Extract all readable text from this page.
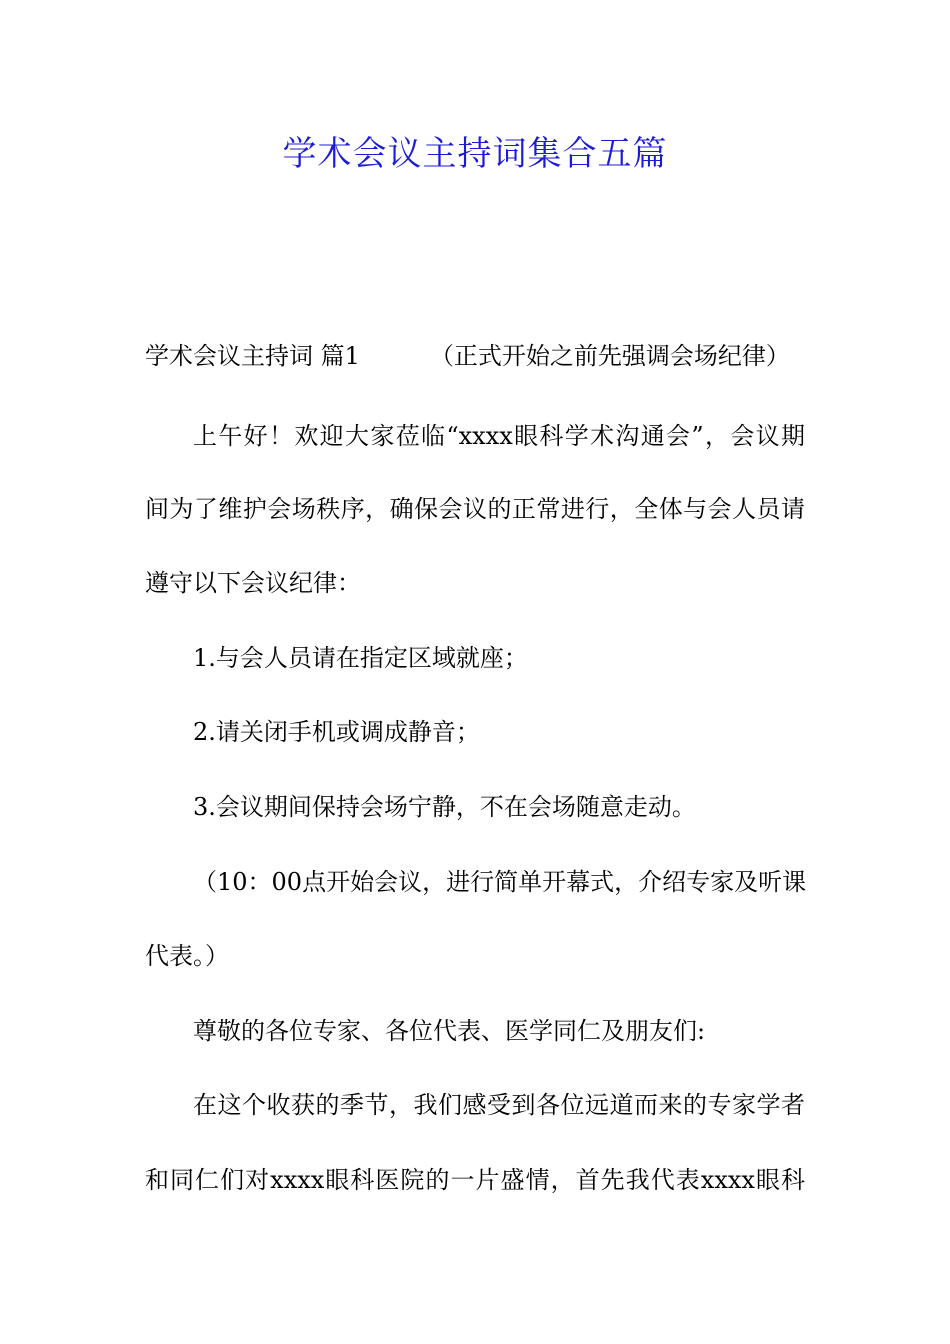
学术会议主持词集合五篇
学术会议主持词 篇1	（正式开始之前先强调会场纪律）
上午好！欢迎大家莅临“xxxx眼科学术沟通会”，会议期
间为了维护会场秩序，确保会议的正常进行，全体与会人员请
遵守以下会议纪律：
1.与会人员请在指定区域就座；
2.请关闭手机或调成静音；
3.会议期间保持会场宁静，不在会场随意走动。
（10：00点开始会议，进行简单开幕式，介绍专家及听课
代表。）
尊敬的各位专家、各位代表、医学同仁及朋友们:
在这个收获的季节，我们感受到各位远道而来的专家学者
和同仁们对xxxx眼科医院的一片盛情，首先我代表xxxx眼科
